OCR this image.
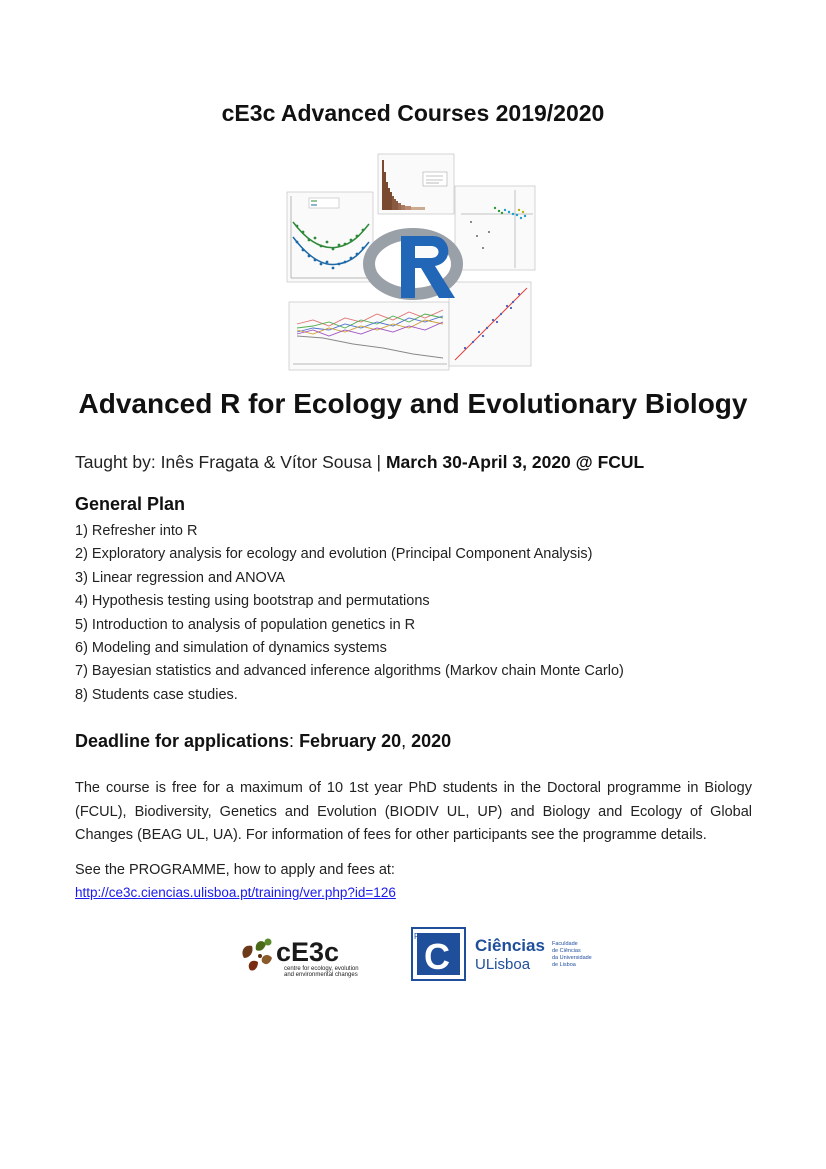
cE3c Advanced Courses 2019/2020
Advanced R for Ecology and Evolutionary Biology
Taught by: Inês Fragata & Vítor Sousa | March 30-April 3, 2020 @ FCUL
General Plan
1) Refresher into R
2) Exploratory analysis for ecology and evolution (Principal Component Analysis)
3) Linear regression and ANOVA
4) Hypothesis testing using bootstrap and permutations
5) Introduction to analysis of population genetics in R
6) Modeling and simulation of dynamics systems
7) Bayesian statistics and advanced inference algorithms (Markov chain Monte Carlo)
8) Students case studies.
Deadline for applications: February 20, 2020
The course is free for a maximum of 10 1st year PhD students in the Doctoral programme in Biology (FCUL), Biodiversity, Genetics and Evolution (BIODIV UL, UP) and Biology and Ecology of Global Changes (BEAG UL, UA). For information of fees for other participants see the programme details.
See the PROGRAMME, how to apply and fees at:
http://ce3c.ciencias.ulisboa.pt/training/ver.php?id=126
cE3c
centre for ecology, evolution
and environmental changes
F C Ciências
ULisboa
Faculdade
de Ciências
da Universidade
de Lisboa
